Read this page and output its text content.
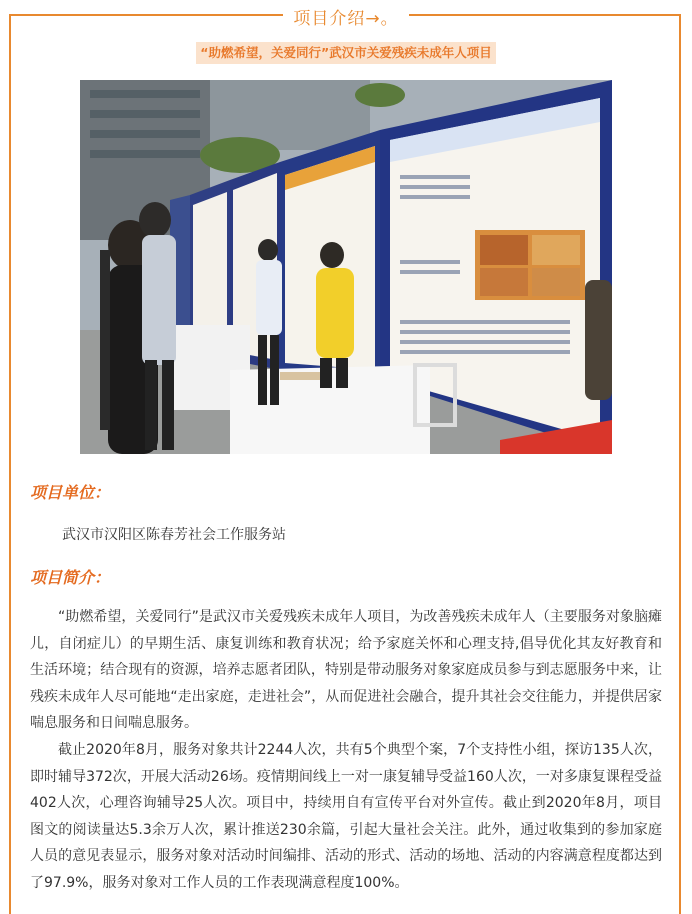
项目介绍→。
“助燃希望，关爱同行”武汉市关爱残疾未成年人项目
项目单位：
武汉市汉阳区陈春芳社会工作服务站
项目简介：

“助燃希望，关爱同行”是武汉市关爱残疾未成年人项目，为改善残疾未成年人（主要服务对象脑瘫儿，自闭症儿）的早期生活、康复训练和教育状况；给予家庭关怀和心理支持,倡导优化其友好教育和生活环境；结合现有的资源，培养志愿者团队，特别是带动服务对象家庭成员参与到志愿服务中来，让残疾未成年人尽可能地“走出家庭，走进社会”，从而促进社会融合，提升其社会交往能力，并提供居家喘息服务和日间喘息服务。

截止2020年8月，服务对象共计2244人次，共有5个典型个案，7个支持性小组，探访135人次，即时辅导372次，开展大活动26场。疫情期间线上一对一康复辅导受益160人次，一对多康复课程受益402人次，心理咨询辅导25人次。项目中，持续用自有宣传平台对外宣传。截止到2020年8月，项目图文的阅读量达5.3余万人次，累计推送230余篇，引起大量社会关注。此外，通过收集到的参加家庭人员的意见表显示，服务对象对活动时间编排、活动的形式、活动的场地、活动的内容满意程度都达到了97.9%，服务对象对工作人员的工作表现满意程度100%。
